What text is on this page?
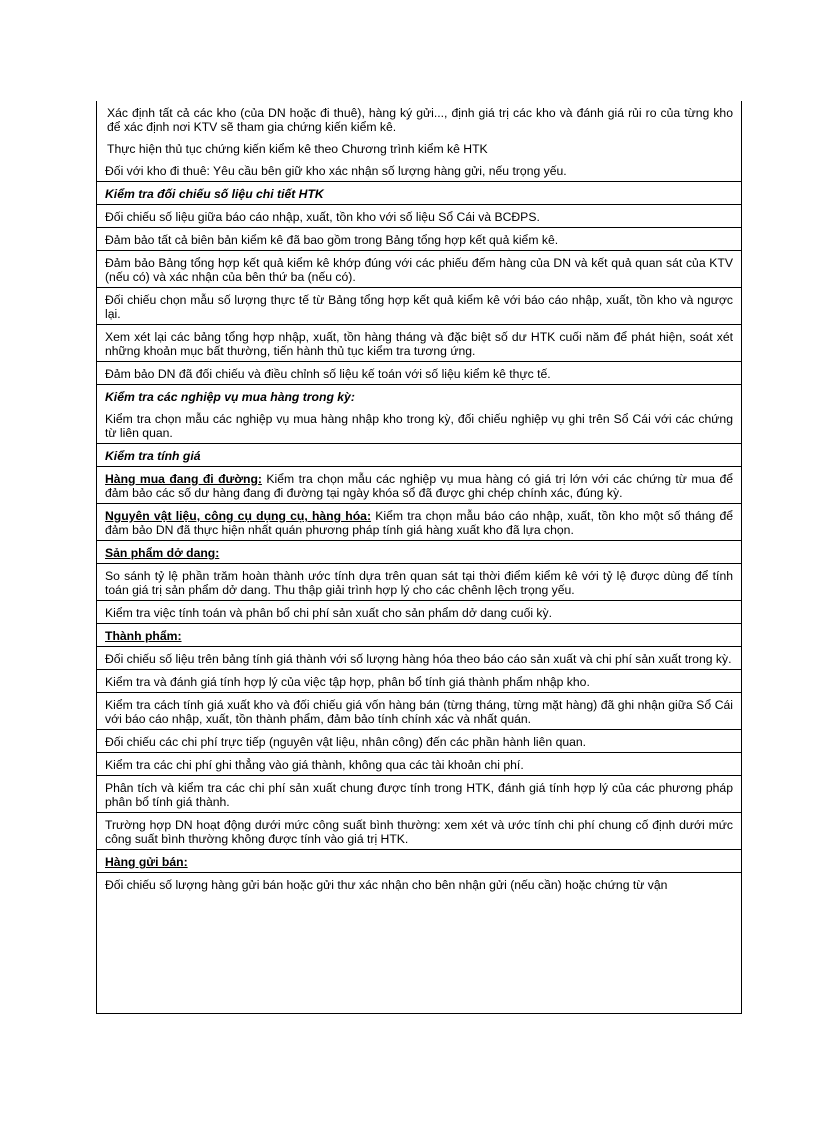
Xác định tất cả các kho (của DN hoặc đi thuê), hàng ký gửi..., định giá trị các kho và đánh giá rủi ro của từng kho để xác định nơi KTV sẽ tham gia chứng kiến kiểm kê.
Thực hiện thủ tục chứng kiến kiểm kê theo Chương trình kiểm kê HTK
Đối với kho đi thuê: Yêu cầu bên giữ kho xác nhận số lượng hàng gửi, nếu trọng yếu.
Kiểm tra đối chiếu số liệu chi tiết HTK
Đối chiếu số liệu giữa báo cáo nhập, xuất, tồn kho với số liệu Sổ Cái và BCĐPS.
Đảm bảo tất cả biên bản kiểm kê đã bao gồm trong Bảng tổng hợp kết quả kiểm kê.
Đảm bảo Bảng tổng hợp kết quả kiểm kê khớp đúng với các phiếu đếm hàng của DN và kết quả quan sát của KTV (nếu có) và xác nhận của bên thứ ba (nếu có).
Đối chiếu chọn mẫu số lượng thực tế từ Bảng tổng hợp kết quả kiểm kê với báo cáo nhập, xuất, tồn kho và ngược lại.
Xem xét lại các bảng tổng hợp nhập, xuất, tồn hàng tháng và đặc biệt số dư HTK cuối năm để phát hiện, soát xét những khoản mục bất thường, tiến hành thủ tục kiểm tra tương ứng.
Đảm bảo DN đã đối chiếu và điều chỉnh số liệu kế toán với số liệu kiểm kê thực tế.
Kiểm tra các nghiệp vụ mua hàng trong kỳ:
Kiểm tra chọn mẫu các nghiệp vụ mua hàng nhập kho trong kỳ, đối chiếu nghiệp vụ ghi trên Sổ Cái với các chứng từ liên quan.
Kiểm tra tính giá
Hàng mua đang đi đường: Kiểm tra chọn mẫu các nghiệp vụ mua hàng có giá trị lớn với các chứng từ mua để đảm bảo các số dư hàng đang đi đường tại ngày khóa sổ đã được ghi chép chính xác, đúng kỳ.
Nguyên vật liệu, công cụ dụng cụ, hàng hóa: Kiểm tra chọn mẫu báo cáo nhập, xuất, tồn kho một số tháng để đảm bảo DN đã thực hiện nhất quán phương pháp tính giá hàng xuất kho đã lựa chọn.
Sản phẩm dở dang:
So sánh tỷ lệ phần trăm hoàn thành ước tính dựa trên quan sát tại thời điểm kiểm kê với tỷ lệ được dùng để tính toán giá trị sản phẩm dở dang. Thu thập giải trình hợp lý cho các chênh lệch trọng yếu.
Kiểm tra việc tính toán và phân bổ chi phí sản xuất cho sản phẩm dở dang cuối kỳ.
Thành phẩm:
Đối chiếu số liệu trên bảng tính giá thành với số lượng hàng hóa theo báo cáo sản xuất và chi phí sản xuất trong kỳ.
Kiểm tra và đánh giá tính hợp lý của việc tập hợp, phân bổ tính giá thành phẩm nhập kho.
Kiểm tra cách tính giá xuất kho và đối chiếu giá vốn hàng bán (từng tháng, từng mặt hàng) đã ghi nhận giữa Sổ Cái với báo cáo nhập, xuất, tồn thành phẩm, đảm bảo tính chính xác và nhất quán.
Đối chiếu các chi phí trực tiếp (nguyên vật liệu, nhân công) đến các phần hành liên quan.
Kiểm tra các chi phí ghi thẳng vào giá thành, không qua các tài khoản chi phí.
Phân tích và kiểm tra các chi phí sản xuất chung được tính trong HTK, đánh giá tính hợp lý của các phương pháp phân bổ tính giá thành.
Trường hợp DN hoạt động dưới mức công suất bình thường: xem xét và ước tính chi phí chung cố định dưới mức công suất bình thường không được tính vào giá trị HTK.
Hàng gửi bán:
Đối chiếu số lượng hàng gửi bán hoặc gửi thư xác nhận cho bên nhận gửi (nếu cần) hoặc chứng từ vận
